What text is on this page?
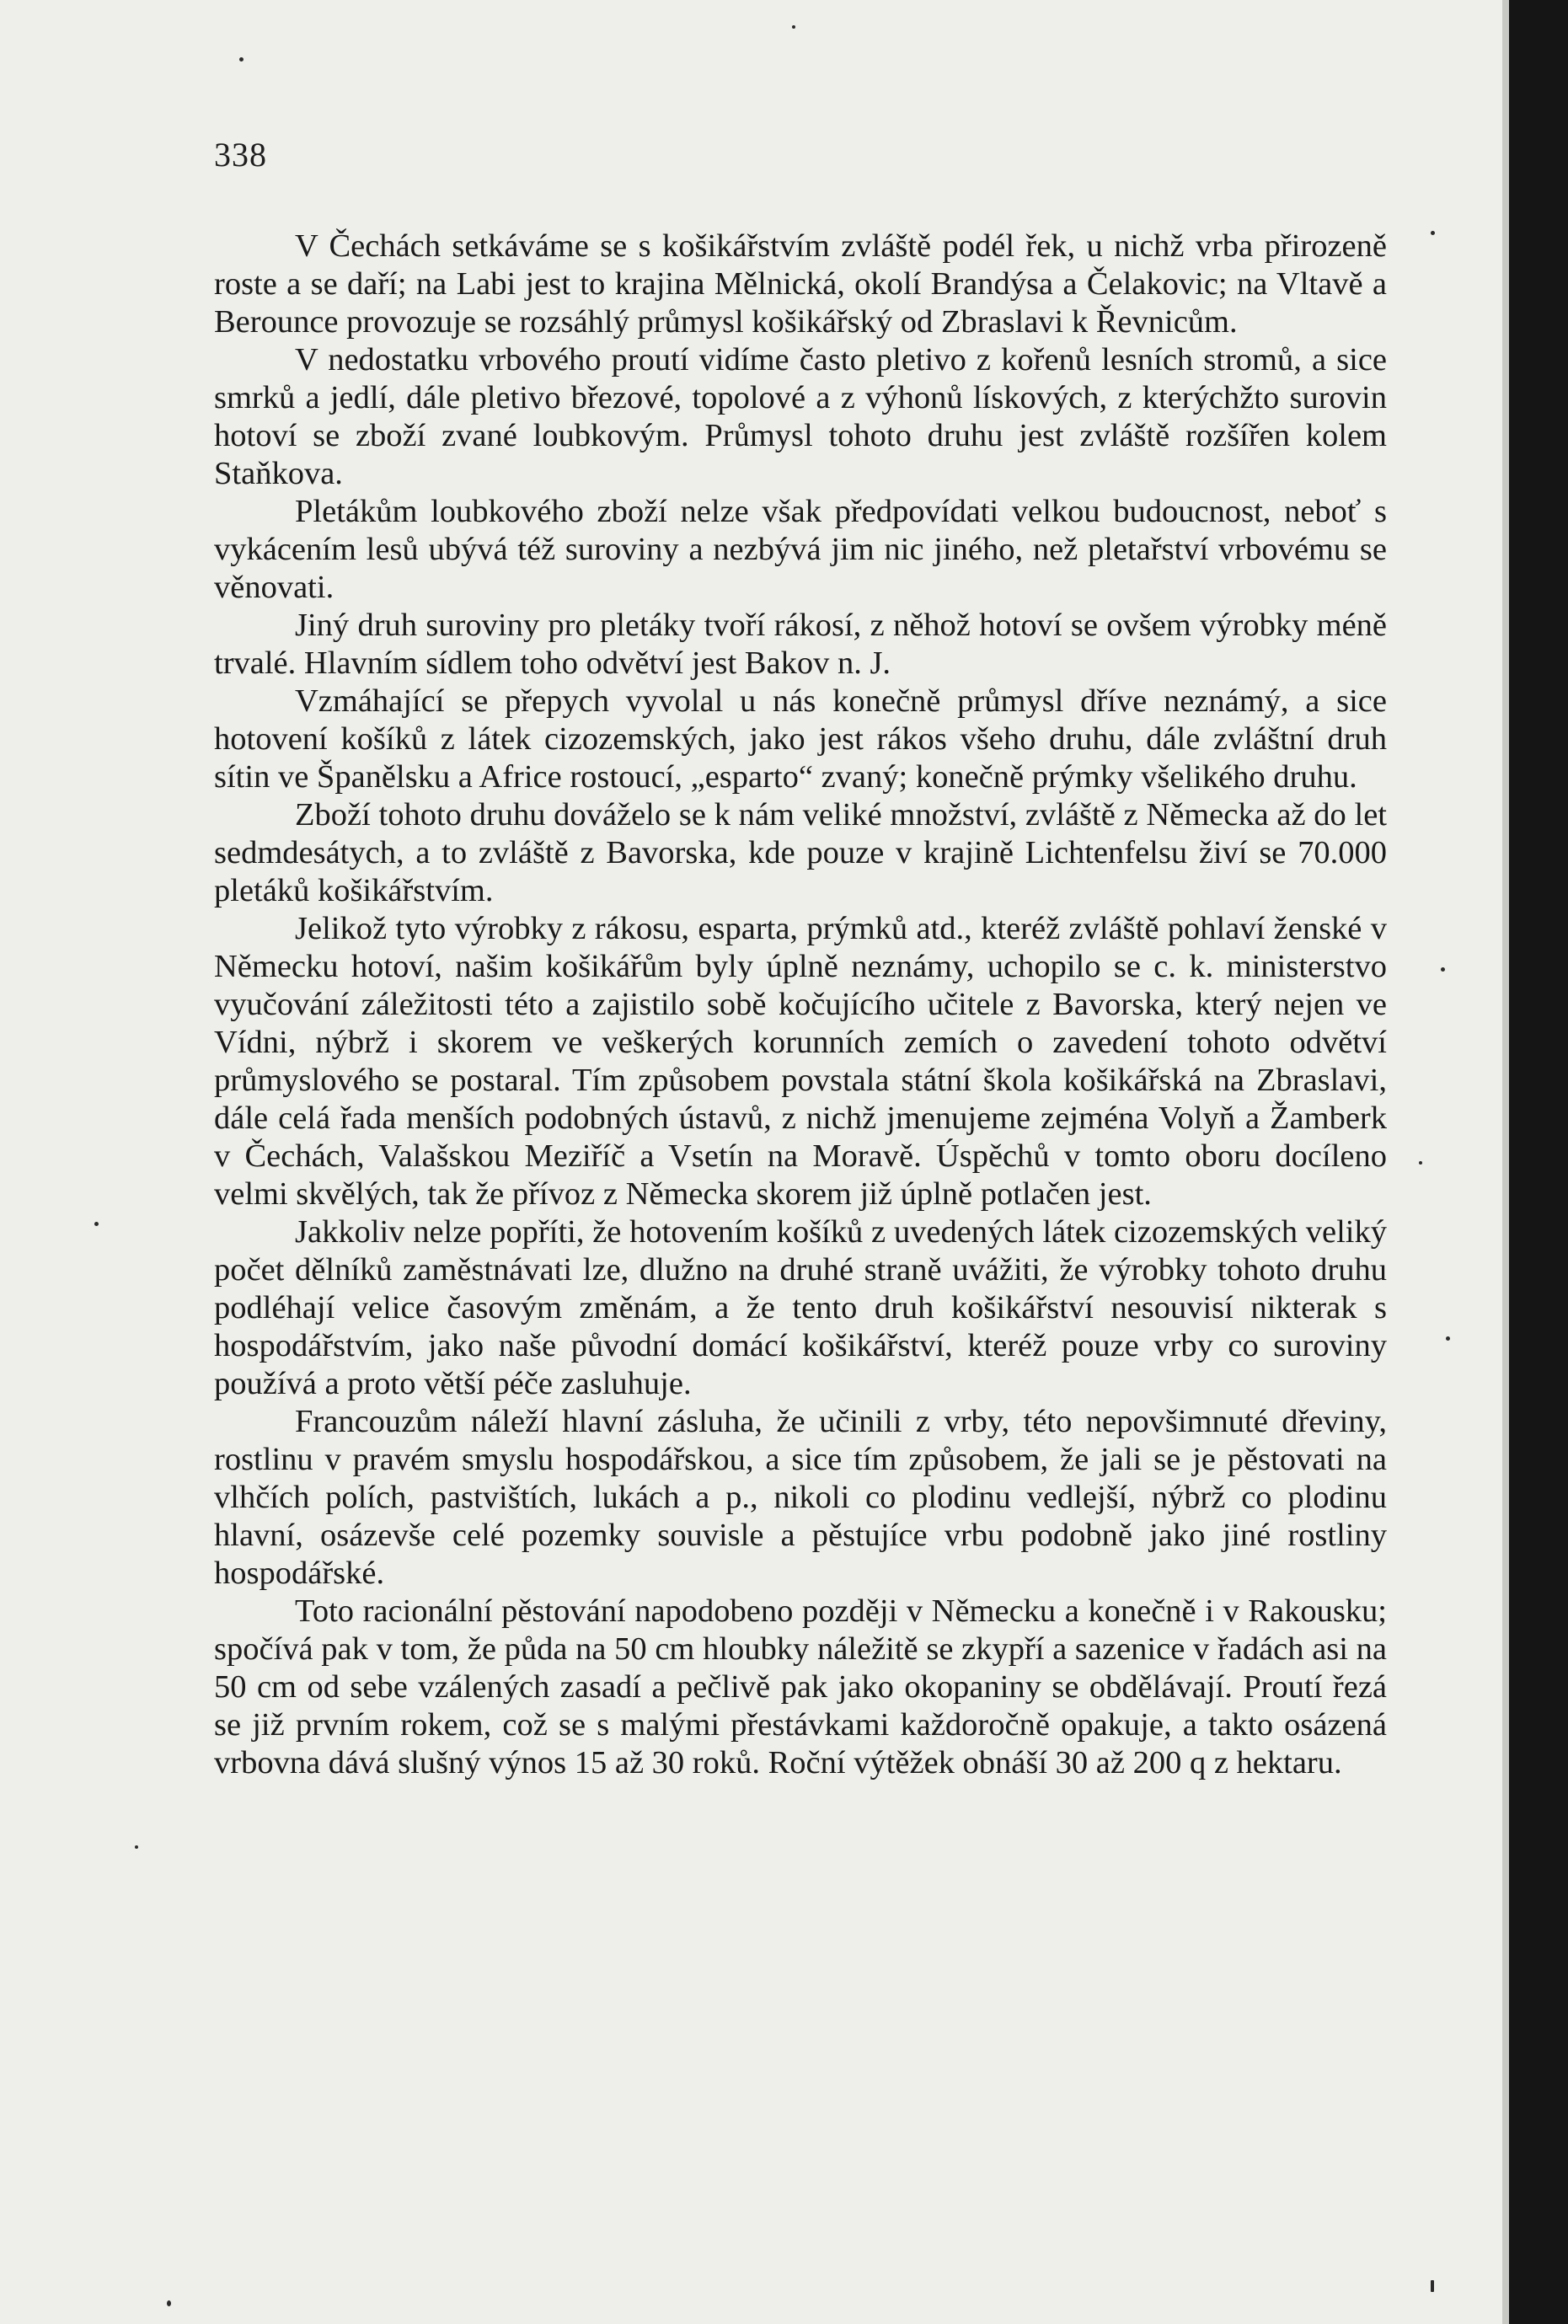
338

V Čechách setkáváme se s košikářstvím zvláště podél řek, u nichž vrba přirozeně roste a se daří; na Labi jest to krajina Mělnická, okolí Brandýsa a Čelakovic; na Vltavě a Berounce provozuje se rozsáhlý průmysl košikářský od Zbraslavi k Řevnicům.

V nedostatku vrbového proutí vidíme často pletivo z kořenů lesních stromů, a sice smrků a jedlí, dále pletivo březové, topolové a z výhonů lískových, z kterýchžto surovin hotoví se zboží zvané loubkovým. Průmysl tohoto druhu jest zvláště rozšířen kolem Staňkova.

Pletákům loubkového zboží nelze však předpovídati velkou budoucnost, neboť s vykácením lesů ubývá též suroviny a nezbývá jim nic jiného, než pletařství vrbovému se věnovati.

Jiný druh suroviny pro pletáky tvoří rákosí, z něhož hotoví se ovšem výrobky méně trvalé. Hlavním sídlem toho odvětví jest Bakov n. J.

Vzmáhající se přepych vyvolal u nás konečně průmysl dříve neznámý, a sice hotovení košíků z látek cizozemských, jako jest rákos všeho druhu, dále zvláštní druh sítin ve Španělsku a Africe rostoucí, „esparto“ zvaný; konečně prýmky všelikého druhu.

Zboží tohoto druhu dováželo se k nám veliké množství, zvláště z Německa až do let sedmdesátych, a to zvláště z Bavorska, kde pouze v krajině Lichtenfelsu živí se 70.000 pletáků košikářstvím.

Jelikož tyto výrobky z rákosu, esparta, prýmků atd., kteréž zvláště pohlaví ženské v Německu hotoví, našim košikářům byly úplně neznámy, uchopilo se c. k. ministerstvo vyučování záležitosti této a zajistilo sobě kočujícího učitele z Bavorska, který nejen ve Vídni, nýbrž i skorem ve veškerých korunních zemích o zavedení tohoto odvětví průmyslového se postaral. Tím způsobem povstala státní škola košikářská na Zbraslavi, dále celá řada menších podobných ústavů, z nichž jmenujeme zejména Volyň a Žamberk v Čechách, Valašskou Meziříč a Vsetín na Moravě. Úspěchů v tomto oboru docíleno velmi skvělých, tak že přívoz z Německa skorem již úplně potlačen jest.

Jakkoliv nelze popříti, že hotovením košíků z uvedených látek cizozemských veliký počet dělníků zaměstnávati lze, dlužno na druhé straně uvážiti, že výrobky tohoto druhu podléhají velice časovým změnám, a že tento druh košikářství nesouvisí nikterak s hospodářstvím, jako naše původní domácí košikářství, kteréž pouze vrby co suroviny používá a proto větší péče zasluhuje.

Francouzům náleží hlavní zásluha, že učinili z vrby, této nepovšimnuté dřeviny, rostlinu v pravém smyslu hospodářskou, a sice tím způsobem, že jali se je pěstovati na vlhčích polích, pastvištích, lukách a p., nikoli co plodinu vedlejší, nýbrž co plodinu hlavní, osázevše celé pozemky souvisle a pěstujíce vrbu podobně jako jiné rostliny hospodářské.

Toto racionální pěstování napodobeno později v Německu a konečně i v Rakousku; spočívá pak v tom, že půda na 50 cm hloubky náležitě se zkypří a sazenice v řadách asi na 50 cm od sebe vzálených zasadí a pečlivě pak jako okopaniny se obdělávají. Proutí řezá se již prvním rokem, což se s malými přestávkami každoročně opakuje, a takto osázená vrbovna dává slušný výnos 15 až 30 roků. Roční výtěžek obnáší 30 až 200 q z hektaru.
